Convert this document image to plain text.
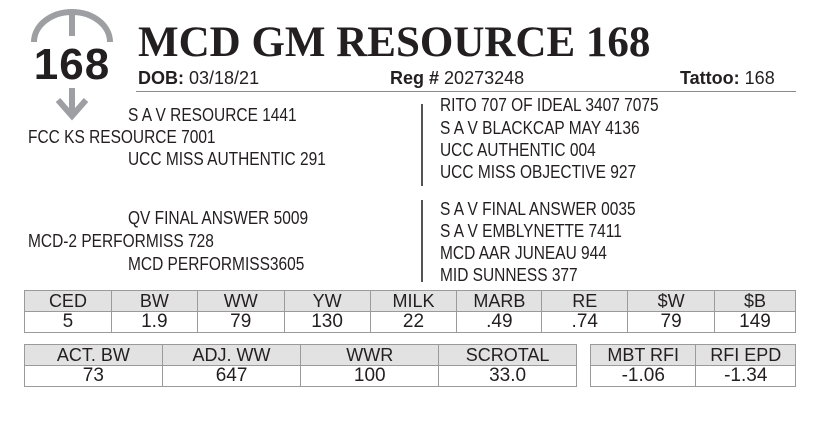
168 MCD GM RESOURCE 168
DOB: 03/18/21	Reg # 20273248	Tattoo: 168
S A V RESOURCE 1441
FCC KS RESOURCE 7001
UCC MISS AUTHENTIC 291
QV FINAL ANSWER 5009
MCD-2 PERFORMISS 728
MCD PERFORMISS3605
RITO 707 OF IDEAL 3407 7075
S A V BLACKCAP MAY 4136
UCC AUTHENTIC 004
UCC MISS OBJECTIVE 927
S A V FINAL ANSWER 0035
S A V EMBLYNETTE 7411
MCD AAR JUNEAU 944
MID SUNNESS 377
CED	BW	WW	YW	MILK	MARB	RE	$W	$B
5	1.9	79	130	22	.49	.74	79	149
ACT. BW	ADJ. WW	WWR	SCROTAL
73	647	100	33.0
MBT RFI	RFI EPD
-1.06	-1.34
